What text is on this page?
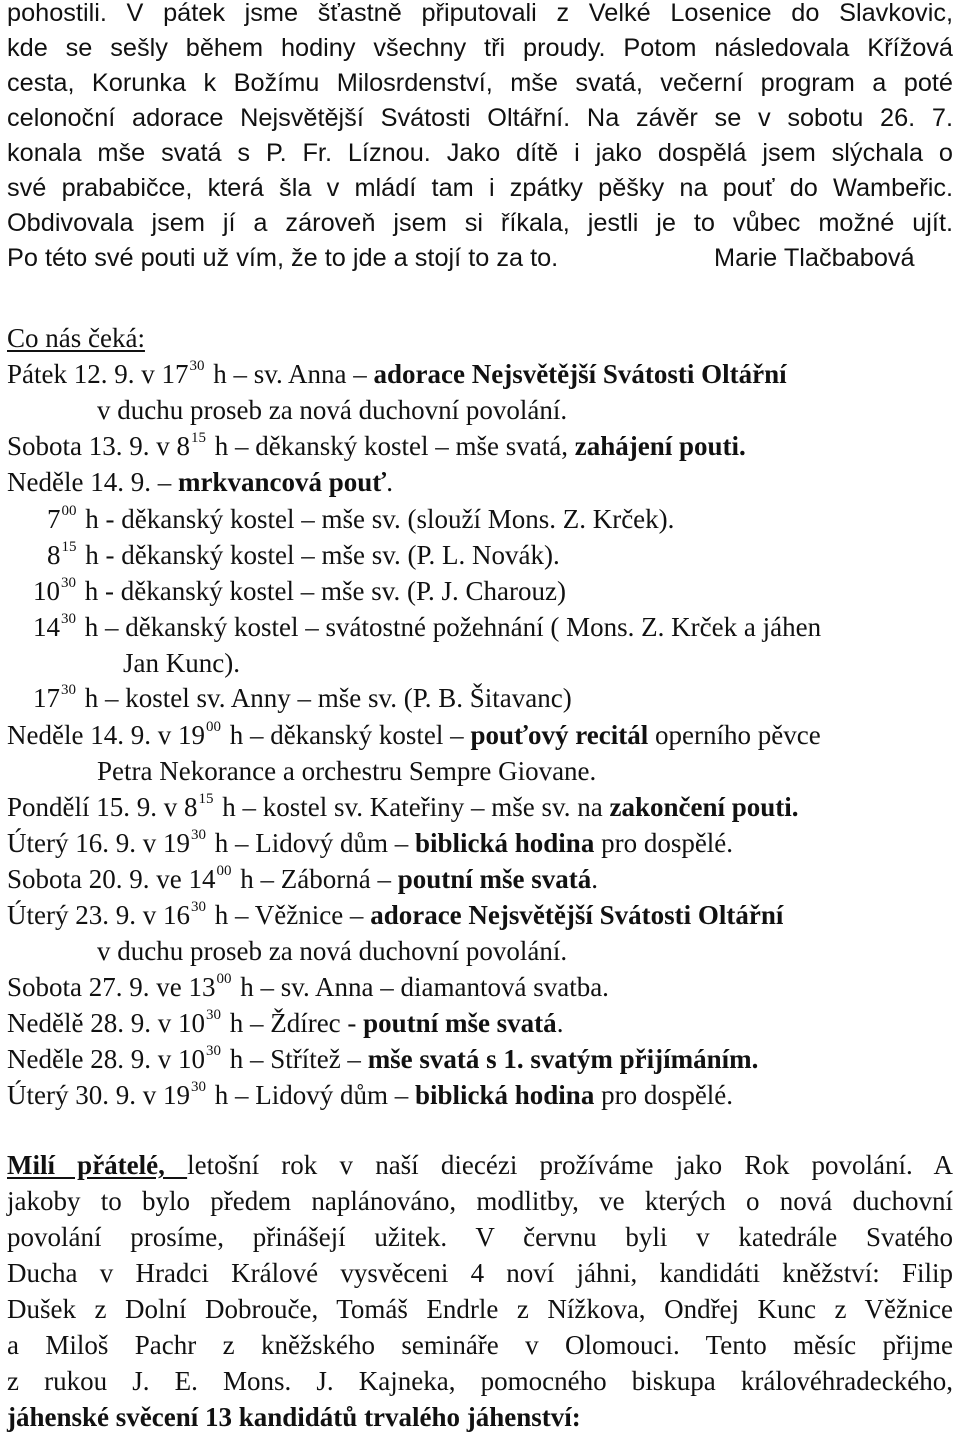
pohostili. V pátek jsme šťastně připutovali z Velké Losenice do Slavkovic,
kde se sešly během hodiny všechny tři proudy. Potom následovala Křížová
cesta, Korunka k Božímu Milosrdenství, mše svatá, večerní program a poté
celonoční adorace Nejsvětější Svátosti Oltářní. Na závěr se v sobotu 26. 7.
konala mše svatá s P. Fr. Líznou. Jako dítě i jako dospělá jsem slýchala o
své prababičce, která šla v mládí tam i zpátky pěšky na pouť do Wambeřic.
Obdivovala jsem jí a zároveň jsem si říkala, jestli je to vůbec možné ujít.
Po této své pouti už vím, že to jde a stojí to za to.	Marie Tlačbabová
Co nás čeká:
Pátek 12. 9. v $17^{30}$ h – sv. Anna – adorace Nejsvětější Svátosti Oltářní
v duchu proseb za nová duchovní povolání.
Sobota 13. 9. v $8^{15}$ h – děkanský kostel – mše svatá, zahájení pouti.
Neděle 14. 9. – mrkvancová pouť.
$7^{00}$ h - děkanský kostel – mše sv. (slouží Mons. Z. Krček).
$8^{15}$ h - děkanský kostel – mše sv. (P. L. Novák).
$10^{30}$ h - děkanský kostel – mše sv. (P. J. Charouz)
$14^{30}$ h – děkanský kostel – svátostné požehnání ( Mons. Z. Krček a jáhen
Jan Kunc).
$17^{30}$ h – kostel sv. Anny – mše sv. (P. B. Šitavanc)
Neděle 14. 9. v $19^{00}$ h – děkanský kostel – pouťový recitál operního pěvce
Petra Nekorance a orchestru Sempre Giovane.
Pondělí 15. 9. v $8^{15}$ h – kostel sv. Kateřiny – mše sv. na zakončení pouti.
Úterý 16. 9. v $19^{30}$ h – Lidový dům – biblická hodina pro dospělé.
Sobota 20. 9. ve $14^{00}$ h – Záborná – poutní mše svatá.
Úterý 23. 9. v $16^{30}$ h – Věžnice – adorace Nejsvětější Svátosti Oltářní
v duchu proseb za nová duchovní povolání.
Sobota 27. 9. ve $13^{00}$ h – sv. Anna – diamantová svatba.
Nedělě 28. 9. v $10^{30}$ h – Ždírec - poutní mše svatá.
Neděle 28. 9. v $10^{30}$ h – Střítež – mše svatá s 1. svatým přijímáním.
Úterý 30. 9. v $19^{30}$ h – Lidový dům – biblická hodina pro dospělé.
Milí přátelé, letošní rok v naší diecézi prožíváme jako Rok povolání. A
jakoby to bylo předem naplánováno, modlitby, ve kterých o nová duchovní
povolání prosíme, přinášejí užitek. V červnu byli v katedrále Svatého
Ducha v Hradci Králové vysvěceni 4 noví jáhni, kandidáti kněžství: Filip
Dušek z Dolní Dobrouče, Tomáš Endrle z Nížkova, Ondřej Kunc z Věžnice
a Miloš Pachr z kněžského semináře v Olomouci. Tento měsíc přijme
z rukou J. E. Mons. J. Kajneka, pomocného biskupa královéhradeckého,
jáhenské svěcení 13 kandidátů trvalého jáhenství:
